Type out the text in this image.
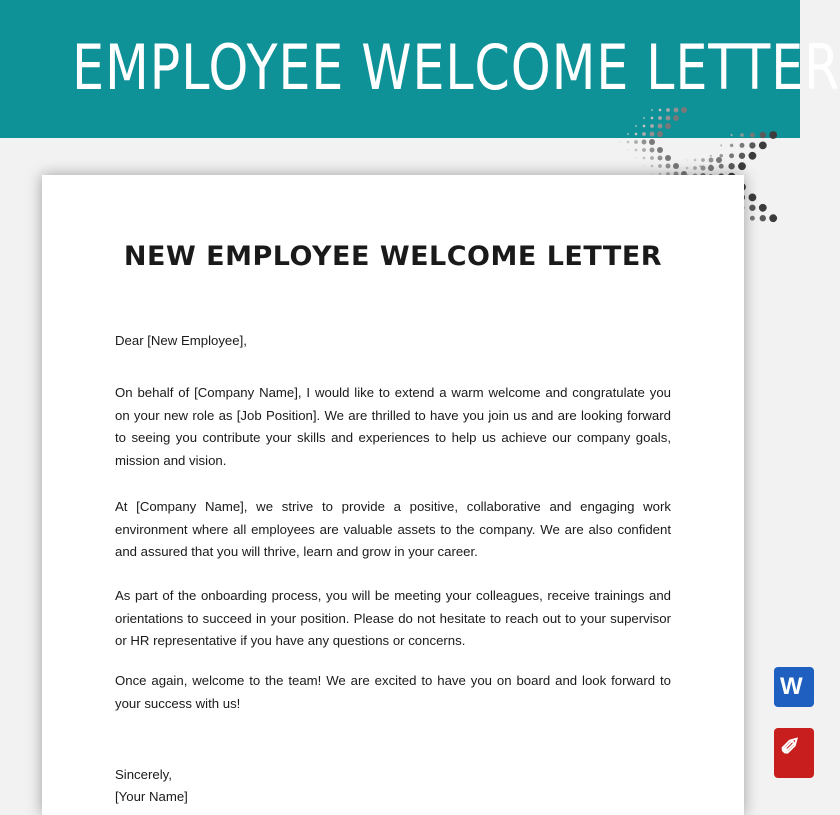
EMPLOYEE WELCOME LETTER
NEW EMPLOYEE WELCOME LETTER
Dear [New Employee],
On behalf of [Company Name], I would like to extend a warm welcome and congratulate you on your new role as [Job Position]. We are thrilled to have you join us and are looking forward to seeing you contribute your skills and experiences to help us achieve our company goals, mission and vision.
At [Company Name], we strive to provide a positive, collaborative and engaging work environment where all employees are valuable assets to the company. We are also confident and assured that you will thrive, learn and grow in your career.
As part of the onboarding process, you will be meeting your colleagues, receive trainings and orientations to succeed in your position. Please do not hesitate to reach out to your supervisor or HR representative if you have any questions or concerns.
Once again, welcome to the team! We are excited to have you on board and look forward to your success with us!
Sincerely,
[Your Name]
W
✐
